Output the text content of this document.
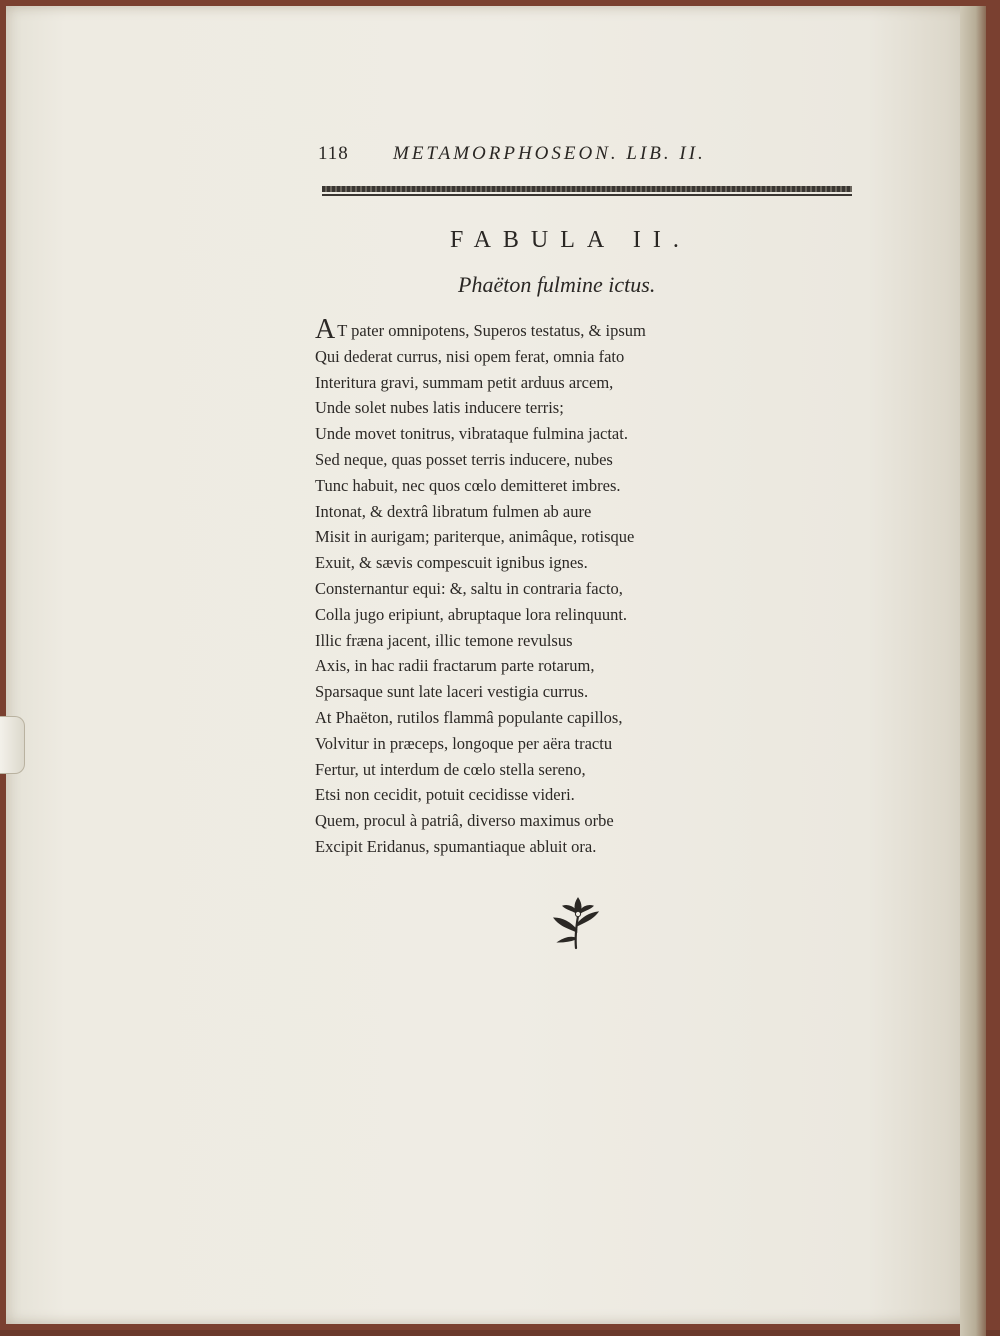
118 METAMORPHOSEON. LIB. II.
FABULA II.
Phaëton fulmine ictus.
A T pater omnipotens, Superos testatus, & ipsum
Qui dederat currus, nisi opem ferat, omnia fato
Interitura gravi, summam petit arduus arcem,
Unde solet nubes latis inducere terris;
Unde movet tonitrus, vibrataque fulmina jactat.
Sed neque, quas posset terris inducere, nubes
Tunc habuit, nec quos cœlo demitteret imbres.
Intonat, & dextrâ libratum fulmen ab aure
Misit in aurigam; pariterque, animâque, rotisque
Exuit, & sævis compescuit ignibus ignes.
Consternantur equi: &, saltu in contraria facto,
Colla jugo eripiunt, abruptaque lora relinquunt.
Illic fræna jacent, illic temone revulsus
Axis, in hac radii fractarum parte rotarum,
Sparsaque sunt late laceri vestigia currus.
At Phaëton, rutilos flammâ populante capillos,
Volvitur in præceps, longoque per aëra tractu
Fertur, ut interdum de cœlo stella sereno,
Etsi non cecidit, potuit cecidisse videri.
Quem, procul à patriâ, diverso maximus orbe
Excipit Eridanus, spumantiaque abluit ora.
